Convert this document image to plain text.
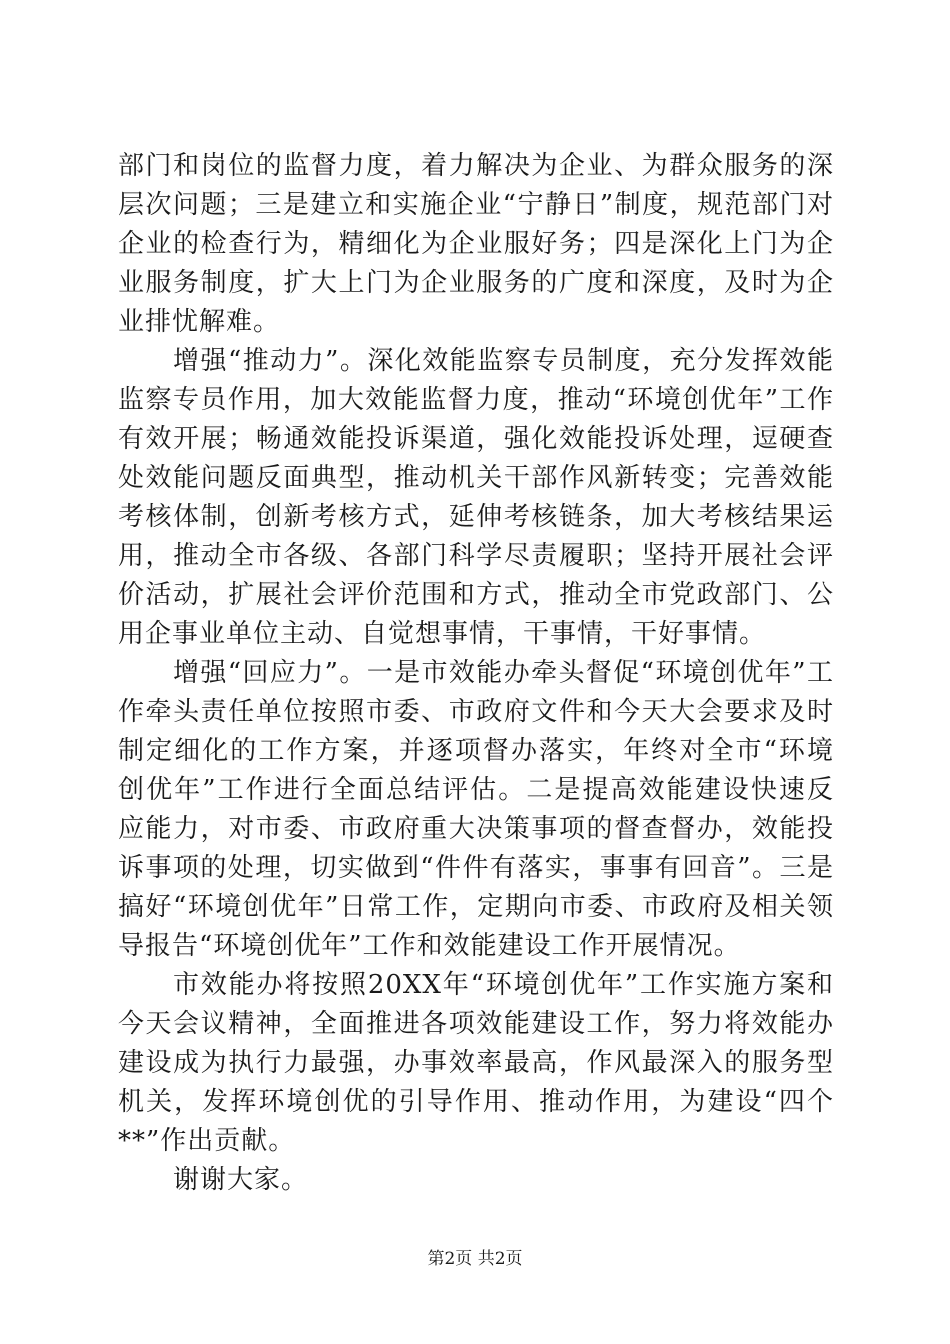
部门和岗位的监督力度，着力解决为企业、为群众服务的深层次问题；三是建立和实施企业“宁静日”制度，规范部门对企业的检查行为，精细化为企业服好务；四是深化上门为企业服务制度，扩大上门为企业服务的广度和深度，及时为企业排忧解难。

增强“推动力”。深化效能监察专员制度，充分发挥效能监察专员作用，加大效能监督力度，推动“环境创优年”工作有效开展；畅通效能投诉渠道，强化效能投诉处理，逗硬查处效能问题反面典型，推动机关干部作风新转变；完善效能考核体制，创新考核方式，延伸考核链条，加大考核结果运用，推动全市各级、各部门科学尽责履职；坚持开展社会评价活动，扩展社会评价范围和方式，推动全市党政部门、公用企事业单位主动、自觉想事情，干事情，干好事情。

增强“回应力”。一是市效能办牵头督促“环境创优年”工作牵头责任单位按照市委、市政府文件和今天大会要求及时制定细化的工作方案，并逐项督办落实，年终对全市“环境创优年”工作进行全面总结评估。二是提高效能建设快速反应能力，对市委、市政府重大决策事项的督查督办，效能投诉事项的处理，切实做到“件件有落实，事事有回音”。三是搞好“环境创优年”日常工作，定期向市委、市政府及相关领导报告“环境创优年”工作和效能建设工作开展情况。

市效能办将按照20XX年“环境创优年”工作实施方案和今天会议精神，全面推进各项效能建设工作，努力将效能办建设成为执行力最强，办事效率最高，作风最深入的服务型机关，发挥环境创优的引导作用、推动作用，为建设“四个**”作出贡献。

谢谢大家。

第2页 共2页
